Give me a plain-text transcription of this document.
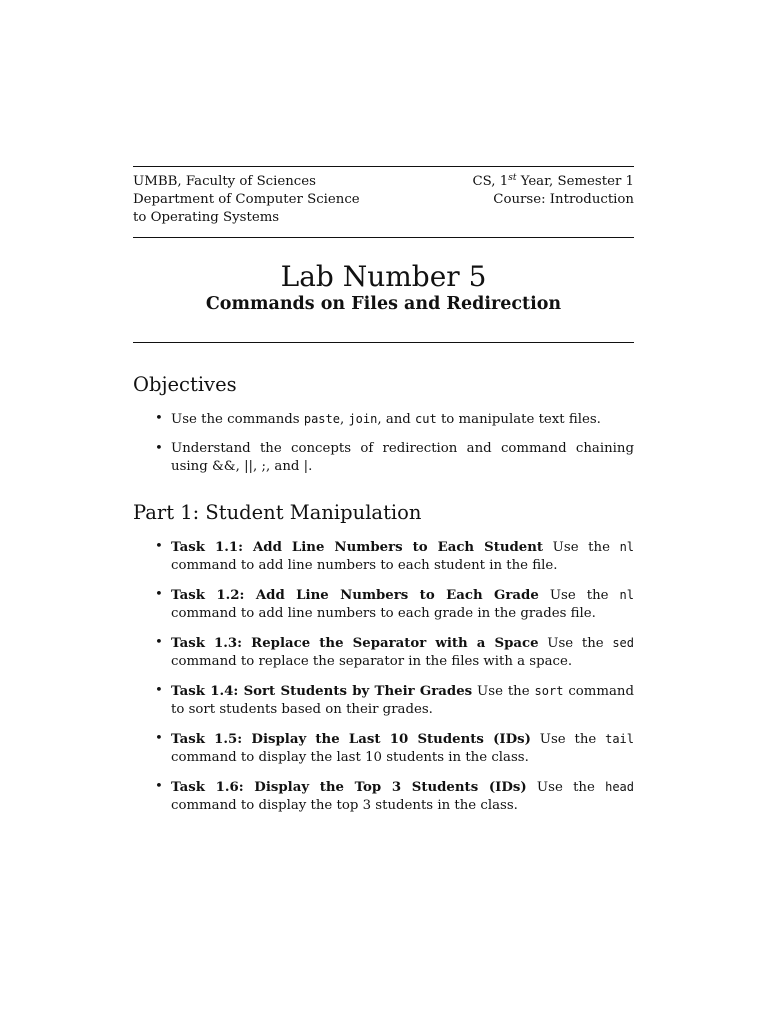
UMBB, Faculty of Sciences
Department of Computer Science
to Operating Systems
CS, 1st Year, Semester 1
Course: Introduction
Lab Number 5
Commands on Files and Redirection
Objectives
• Use the commands paste, join, and cut to manipulate text files.
• Understand the concepts of redirection and command chaining using &&, ||, ;, and |.
Part 1: Student Manipulation
• Task 1.1: Add Line Numbers to Each Student Use the nl command to add line numbers to each student in the file.
• Task 1.2: Add Line Numbers to Each Grade Use the nl command to add line numbers to each grade in the grades file.
• Task 1.3: Replace the Separator with a Space Use the sed command to replace the separator in the files with a space.
• Task 1.4: Sort Students by Their Grades Use the sort command to sort students based on their grades.
• Task 1.5: Display the Last 10 Students (IDs) Use the tail command to display the last 10 students in the class.
• Task 1.6: Display the Top 3 Students (IDs) Use the head command to display the top 3 students in the class.
